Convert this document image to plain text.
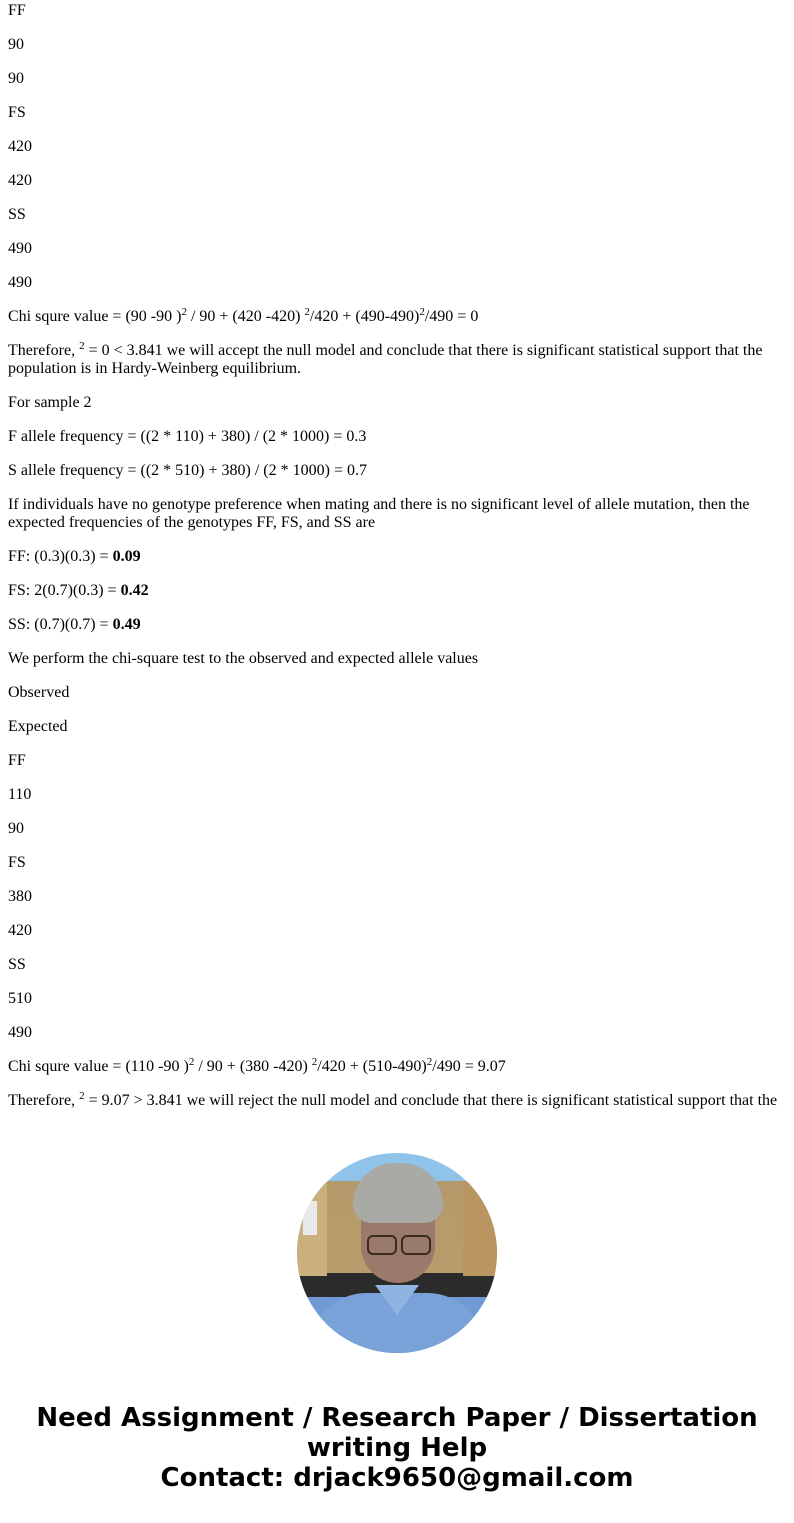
FF

90

90

FS

420

420

SS

490

490

Chi squre value = (90 -90 )$^2$ / 90 + (420 -420) $^2/420 + (490-490)^2/490 = 0$

Therefore, $^2$ = 0 < 3.841 we will accept the null model and conclude that there is significant statistical support that the population is in Hardy-Weinberg equilibrium.

For sample 2

F allele frequency = ((2 * 110) + 380) / (2 * 1000) = 0.3

S allele frequency = ((2 * 510) + 380) / (2 * 1000) = 0.7

If individuals have no genotype preference when mating and there is no significant level of allele mutation, then the expected frequencies of the genotypes FF, FS, and SS are

FF: (0.3)(0.3) = 0.09

FS: 2(0.7)(0.3) = 0.42

SS: (0.7)(0.7) = 0.49

We perform the chi-square test to the observed and expected allele values

Observed

Expected

FF

110

90

FS

380

420

SS

510

490

Chi squre value = (110 -90 )$^2$ / 90 + (380 -420) $^2/420 + (510-490)^2/490 = 9.07$

Therefore, $^2$ = 9.07 > 3.841 we will reject the null model and conclude that there is significant statistical support that the

Need Assignment / Research Paper / Dissertation
writing Help
Contact: drjack9650@gmail.com
